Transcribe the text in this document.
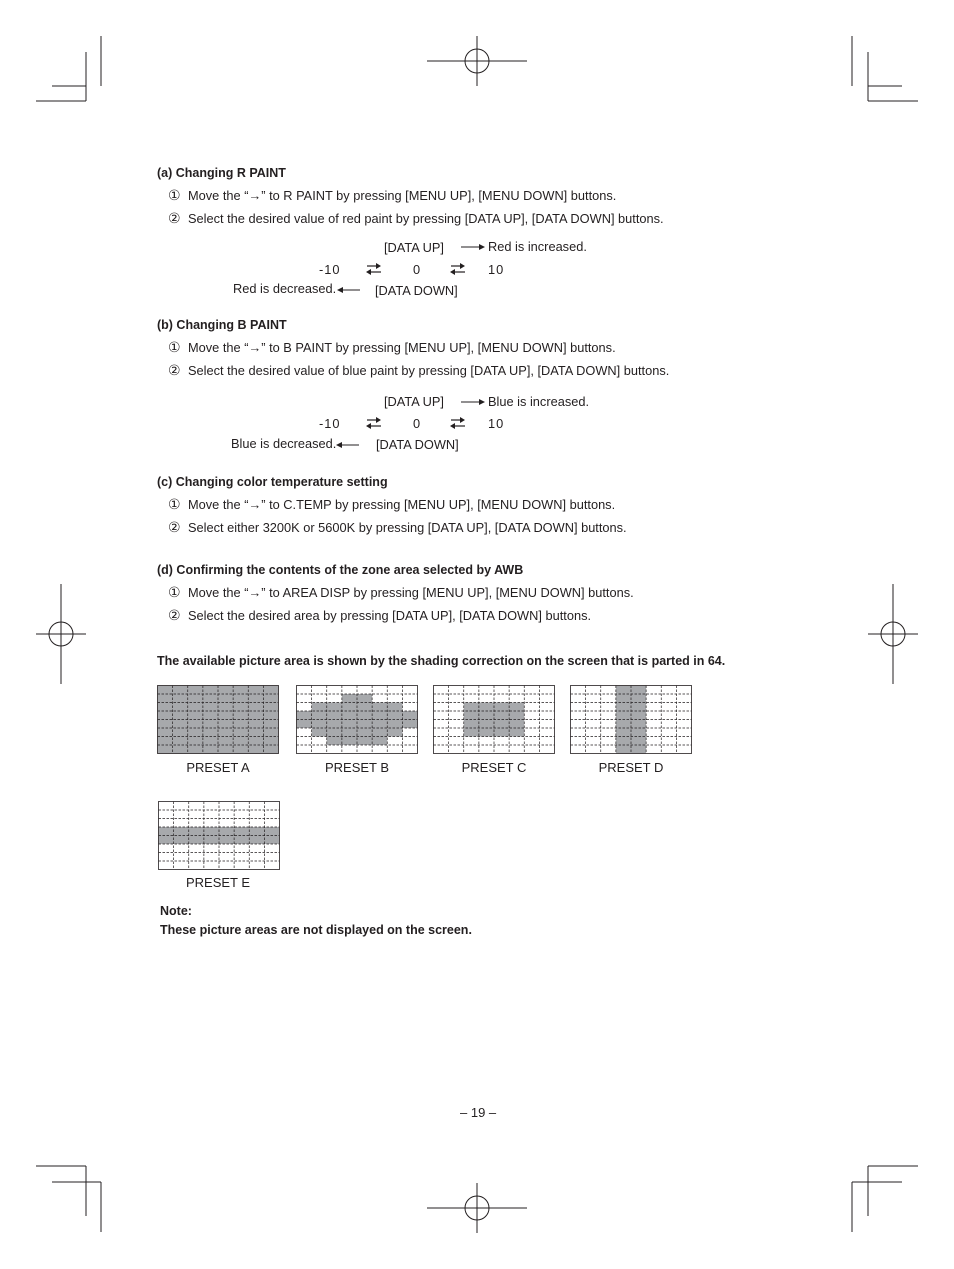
(a) Changing R PAINT
① Move the “→” to R PAINT by pressing [MENU UP], [MENU DOWN] buttons.
② Select the desired value of red paint by pressing [DATA UP], [DATA DOWN] buttons.
[DATA UP]	Red is increased.
-10	0	10
Red is decreased.	[DATA DOWN]
(b) Changing B PAINT
① Move the “→” to B PAINT by pressing [MENU UP], [MENU DOWN] buttons.
② Select the desired value of blue paint by pressing [DATA UP], [DATA DOWN] buttons.
[DATA UP]	Blue is increased.
-10	0	10
Blue is decreased.	[DATA DOWN]
(c) Changing color temperature setting
① Move the “→” to C.TEMP by pressing [MENU UP], [MENU DOWN] buttons.
② Select either 3200K or 5600K by pressing [DATA UP], [DATA DOWN] buttons.
(d) Confirming the contents of the zone area selected by AWB
① Move the “→” to AREA DISP by pressing [MENU UP], [MENU DOWN] buttons.
② Select the desired area by pressing [DATA UP], [DATA DOWN] buttons.
The available picture area is shown by the shading correction on the screen that is parted in 64.
PRESET A	PRESET B	PRESET C	PRESET D
PRESET E
Note:
These picture areas are not displayed on the screen.
– 19 –
